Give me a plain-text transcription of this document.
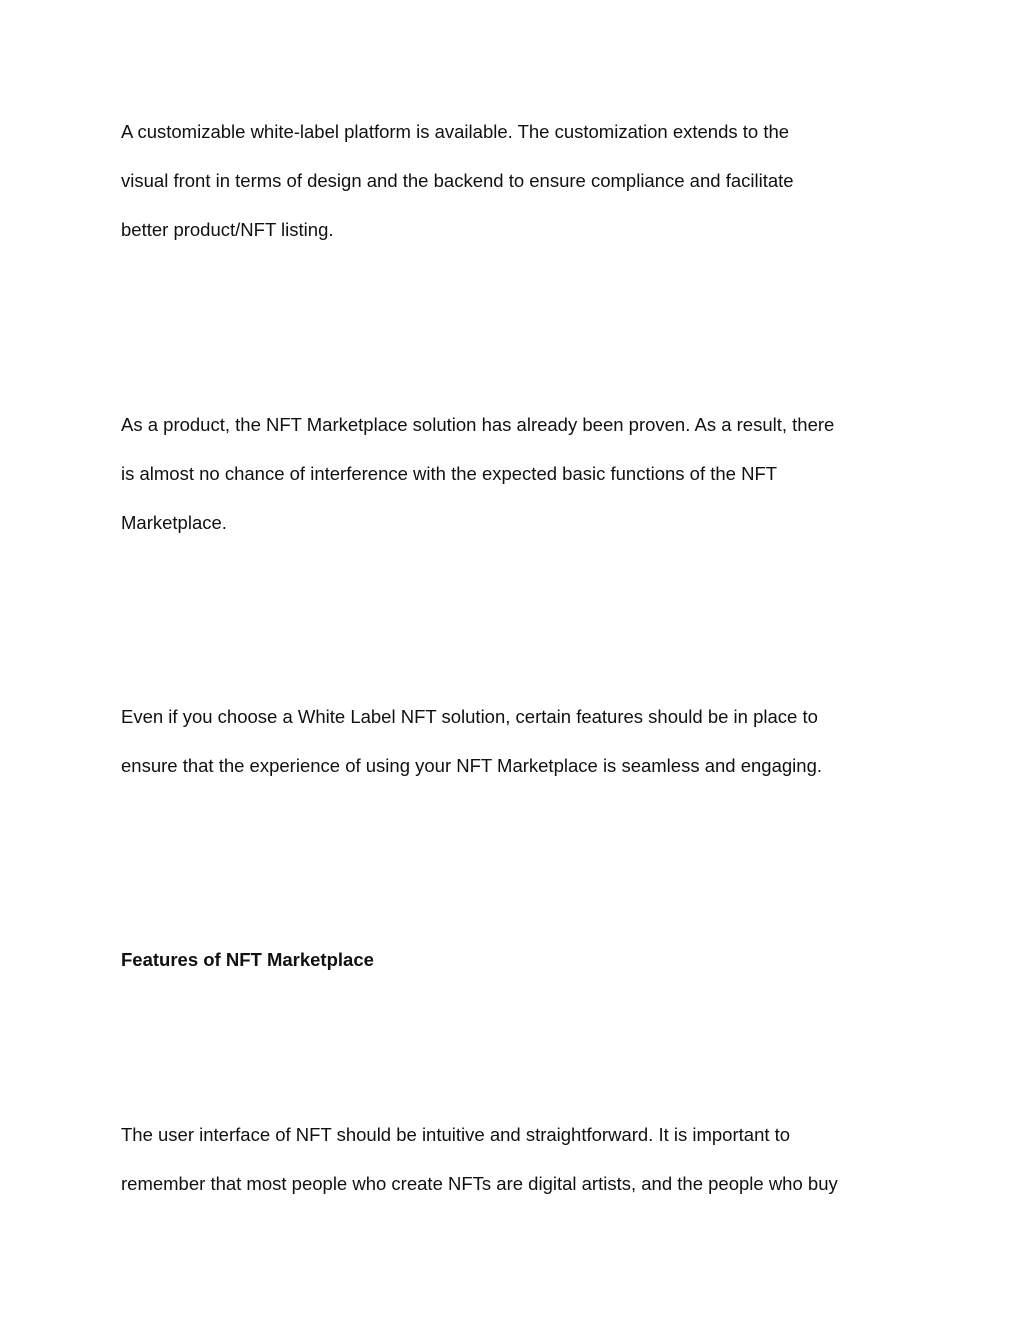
A customizable white-label platform is available. The customization extends to the

visual front in terms of design and the backend to ensure compliance and facilitate

better product/NFT listing.

As a product, the NFT Marketplace solution has already been proven. As a result, there

is almost no chance of interference with the expected basic functions of the NFT

Marketplace.

Even if you choose a White Label NFT solution, certain features should be in place to

ensure that the experience of using your NFT Marketplace is seamless and engaging.

Features of NFT Marketplace

The user interface of NFT should be intuitive and straightforward. It is important to

remember that most people who create NFTs are digital artists, and the people who buy
